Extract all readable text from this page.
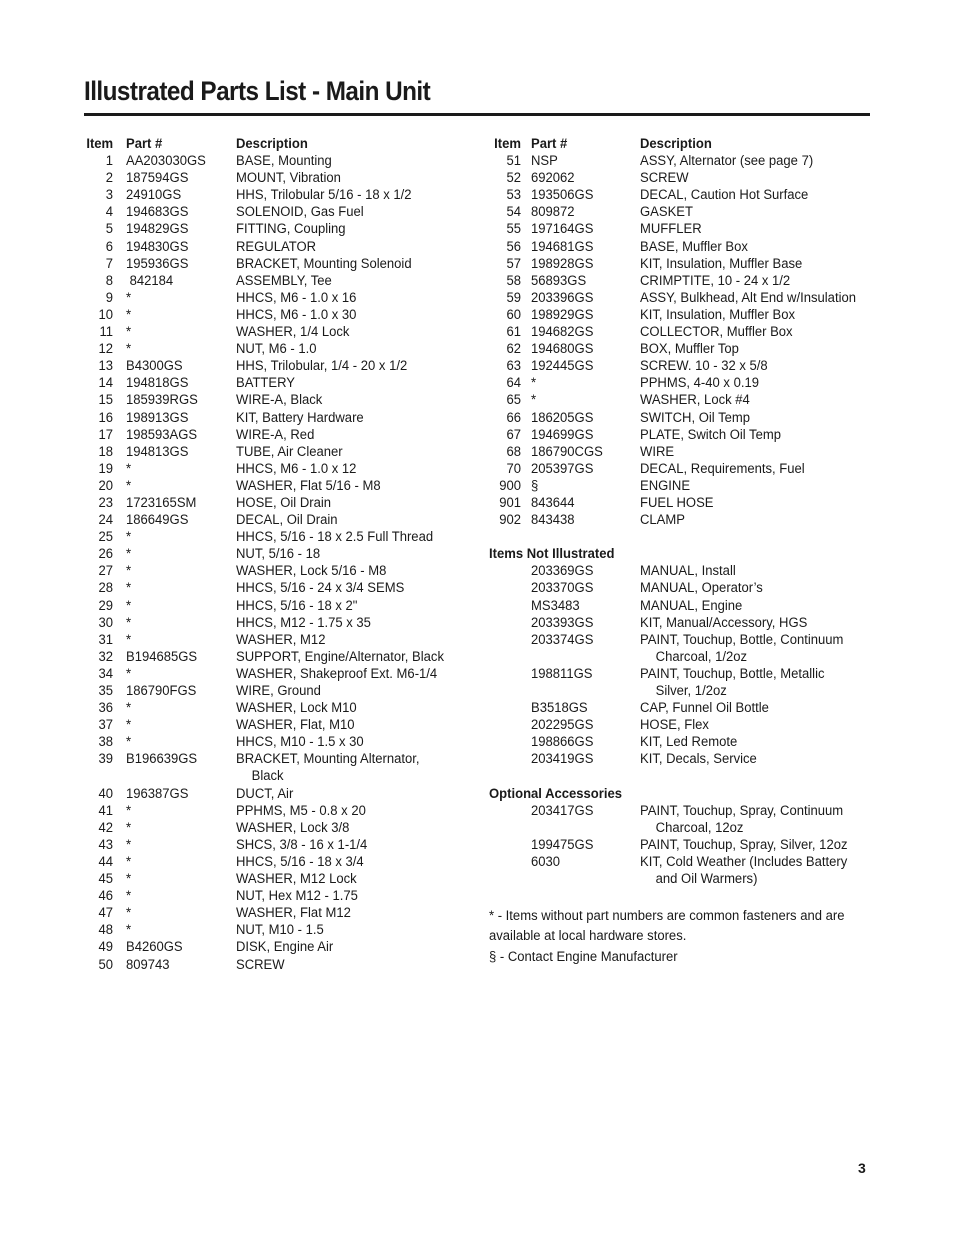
Illustrated Parts List - Main Unit
Item Part #	Description
1 AA203030GS BASE, Mounting
2 187594GS	MOUNT, Vibration
3 24910GS	HHS, Trilobular 5/16 - 18 x 1/2
4 194683GS	SOLENOID, Gas Fuel
5 194829GS	FITTING, Coupling
6 194830GS	REGULATOR
7 195936GS	BRACKET, Mounting Solenoid
8 842184	ASSEMBLY, Tee
9 *	HHCS, M6 - 1.0 x 16
10 *	HHCS, M6 - 1.0 x 30
11 *	WASHER, 1/4 Lock
12 *	NUT, M6 - 1.0
13 B4300GS	HHS, Trilobular, 1/4 - 20 x 1/2
14 194818GS	BATTERY
15 185939RGS	WIRE-A, Black
16 198913GS	KIT, Battery Hardware
17 198593AGS	WIRE-A, Red
18 194813GS	TUBE, Air Cleaner
19 *	HHCS, M6 - 1.0 x 12
20 *	WASHER, Flat 5/16 - M8
23 1723165SM	HOSE, Oil Drain
24 186649GS	DECAL, Oil Drain
25 *	HHCS, 5/16 - 18 x 2.5 Full Thread
26 *	NUT, 5/16 - 18
27 *	WASHER, Lock 5/16 - M8
28 *	HHCS, 5/16 - 24 x 3/4 SEMS
29 *	HHCS, 5/16 - 18 x 2"
30 *	HHCS, M12 - 1.75 x 35
31 *	WASHER, M12
32 B194685GS	SUPPORT, Engine/Alternator, Black
34 *	WASHER, Shakeproof Ext. M6-1/4
35 186790FGS	WIRE, Ground
36 *	WASHER, Lock M10
37 *	WASHER, Flat, M10
38 *	HHCS, M10 - 1.5 x 30
39 B196639GS	BRACKET, Mounting Alternator,
Black
40 196387GS	DUCT, Air
41 *	PPHMS, M5 - 0.8 x 20
42 *	WASHER, Lock 3/8
43 *	SHCS, 3/8 - 16 x 1-1/4
44 *	HHCS, 5/16 - 18 x 3/4
45 *	WASHER, M12 Lock
46 *	NUT, Hex M12 - 1.75
47 *	WASHER, Flat M12
48 *	NUT, M10 - 1.5
49 B4260GS	DISK, Engine Air
50 809743	SCREW
Item Part #	Description
51 NSP	ASSY, Alternator (see page 7)
52 692062	SCREW
53 193506GS	DECAL, Caution Hot Surface
54 809872	GASKET
55 197164GS	MUFFLER
56 194681GS	BASE, Muffler Box
57 198928GS	KIT, Insulation, Muffler Base
58 56893GS	CRIMPTITE, 10 - 24 x 1/2
59 203396GS	ASSY, Bulkhead, Alt End w/Insulation
60 198929GS	KIT, Insulation, Muffler Box
61 194682GS	COLLECTOR, Muffler Box
62 194680GS	BOX, Muffler Top
63 192445GS	SCREW. 10 - 32 x 5/8
64 *	PPHMS, 4-40 x 0.19
65 *	WASHER, Lock #4
66 186205GS	SWITCH, Oil Temp
67 194699GS	PLATE, Switch Oil Temp
68 186790CGS	WIRE
70 205397GS	DECAL, Requirements, Fuel
900 §	ENGINE
901 843644	FUEL HOSE
902 843438	CLAMP
Items Not Illustrated
203369GS	MANUAL, Install
203370GS	MANUAL, Operator’s
MS3483	MANUAL, Engine
203393GS	KIT, Manual/Accessory, HGS
203374GS	PAINT, Touchup, Bottle, Continuum
Charcoal, 1/2oz
198811GS	PAINT, Touchup, Bottle, Metallic
Silver, 1/2oz
B3518GS	CAP, Funnel Oil Bottle
202295GS	HOSE, Flex
198866GS	KIT, Led Remote
203419GS	KIT, Decals, Service
Optional Accessories
203417GS	PAINT, Touchup, Spray, Continuum
Charcoal, 12oz
199475GS	PAINT, Touchup, Spray, Silver, 12oz
6030	KIT, Cold Weather (Includes Battery
and Oil Warmers)
* - Items without part numbers are common fasteners and are available at local hardware stores.
§ - Contact Engine Manufacturer
3
